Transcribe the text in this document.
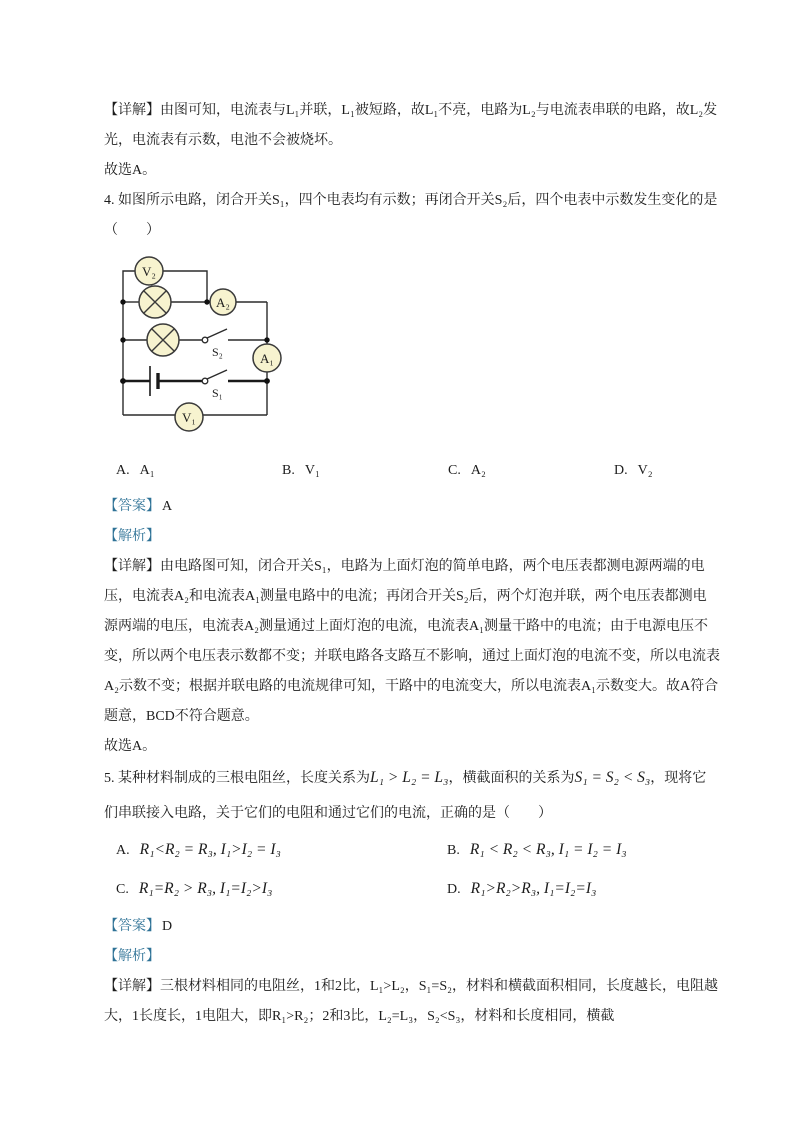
【详解】由图可知，电流表与L₁并联，L₁被短路，故L₁不亮，电路为L₂与电流表串联的电路，故L₂发光，电流表有示数，电池不会被烧坏。
故选A。
4. 如图所示电路，闭合开关S₁，四个电表均有示数；再闭合开关S₂后，四个电表中示数发生变化的是（　　）
V₂
A₂
A₁
V₁
S₂
S₁
A. A₁	B. V₁	C. A₂	D. V₂
【答案】 A
【解析】
【详解】由电路图可知，闭合开关S₁，电路为上面灯泡的简单电路，两个电压表都测电源两端的电压，电流表A₂和电流表A₁测量电路中的电流；再闭合开关S₂后，两个灯泡并联，两个电压表都测电源两端的电压，电流表A₂测量通过上面灯泡的电流，电流表A₁测量干路中的电流；由于电源电压不变，所以两个电压表示数都不变；并联电路各支路互不影响，通过上面灯泡的电流不变，所以电流表A₂示数不变；根据并联电路的电流规律可知，干路中的电流变大，所以电流表A₁示数变大。故A符合题意，BCD不符合题意。
故选A。
5. 某种材料制成的三根电阻丝，长度关系为L₁ > L₂ = L₃，横截面积的关系为S₁ = S₂ < S₃，现将它们串联接入电路，关于它们的电阻和通过它们的电流，正确的是（　　）
A. R₁<R₂ = R₃, I₁>I₂ = I₃	B. R₁ < R₂ < R₃, I₁ = I₂ = I₃
C. R₁=R₂ > R₃, I₁=I₂>I₃	D. R₁>R₂>R₃, I₁=I₂=I₃
【答案】 D
【解析】
【详解】三根材料相同的电阻丝，1和2比，L₁>L₂，S₁=S₂，材料和横截面积相同，长度越长，电阻越大，1长度长，1电阻大，即R₁>R₂；2和3比，L₂=L₃，S₂<S₃，材料和长度相同，横截
